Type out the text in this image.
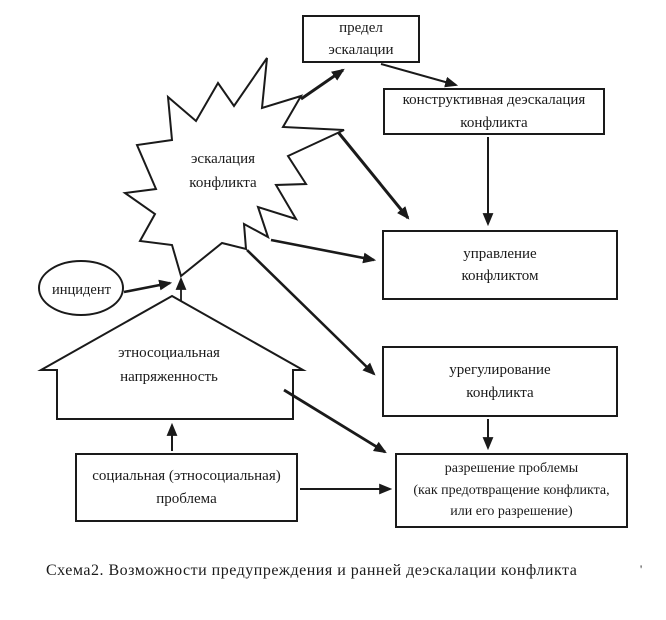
предел
эскалации
конструктивная деэскалация
конфликта
управление
конфликтом
урегулирование
конфликта
разрешение проблемы
(как предотвращение конфликта,
или его разрешение)
социальная (этносоциальная)
проблема
эскалация
конфликта
этносоциальная
напряженность
инцидент
Схема2. Возможности предупреждения и ранней деэскалации конфликта	'
